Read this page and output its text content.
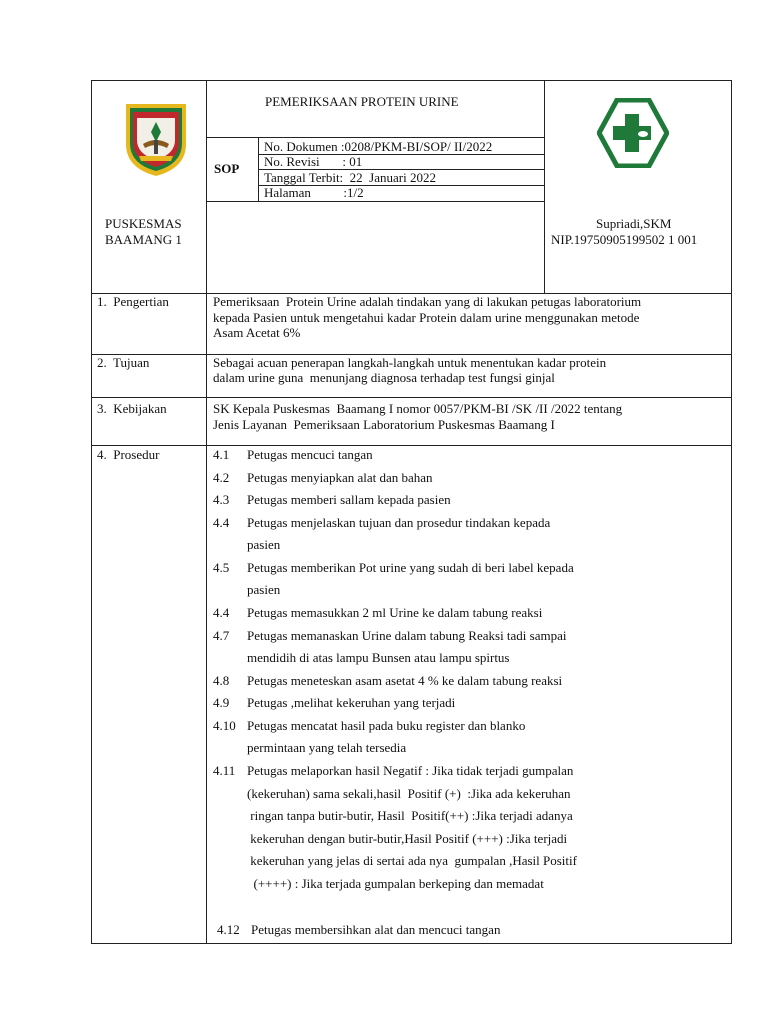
PEMERIKSAAN PROTEIN URINE
SOP
No. Dokumen :0208/PKM-BI/SOP/ II/2022
No. Revisi       : 01
Tanggal Terbit:  22  Januari 2022
Halaman          :1/2
PUSKESMAS
BAAMANG 1
Supriadi,SKM
NIP.19750905199502 1 001
1.  Pengertian	Pemeriksaan  Protein Urine adalah tindakan yang di lakukan petugas laboratorium
kepada Pasien untuk mengetahui kadar Protein dalam urine menggunakan metode
Asam Acetat 6%
2.  Tujuan	Sebagai acuan penerapan langkah-langkah untuk menentukan kadar protein
dalam urine guna  menunjang diagnosa terhadap test fungsi ginjal
3.  Kebijakan	SK Kepala Puskesmas  Baamang I nomor 0057/PKM-BI /SK /II /2022 tentang
Jenis Layanan  Pemeriksaan Laboratorium Puskesmas Baamang I
4.  Prosedur	4.1 Petugas mencuci tangan
4.2 Petugas menyiapkan alat dan bahan
4.3 Petugas memberi sallam kepada pasien
4.4 Petugas menjelaskan tujuan dan prosedur tindakan kepada
pasien
4.5 Petugas memberikan Pot urine yang sudah di beri label kepada
pasien
4.4 Petugas memasukkan 2 ml Urine ke dalam tabung reaksi
4.7 Petugas memanaskan Urine dalam tabung Reaksi tadi sampai
mendidih di atas lampu Bunsen atau lampu spirtus
4.8 Petugas meneteskan asam asetat 4 % ke dalam tabung reaksi
4.9 Petugas ,melihat kekeruhan yang terjadi
4.10 Petugas mencatat hasil pada buku register dan blanko
permintaan yang telah tersedia
4.11 Petugas melaporkan hasil Negatif : Jika tidak terjadi gumpalan
(kekeruhan) sama sekali,hasil  Positif (+)  :Jika ada kekeruhan
ringan tanpa butir-butir, Hasil  Positif(++) :Jika terjadi adanya
kekeruhan dengan butir-butir,Hasil Positif (+++) :Jika terjadi
kekeruhan yang jelas di sertai ada nya  gumpalan ,Hasil Positif
(++++) : Jika terjada gumpalan berkeping dan memadat
4.12 Petugas membersihkan alat dan mencuci tangan
